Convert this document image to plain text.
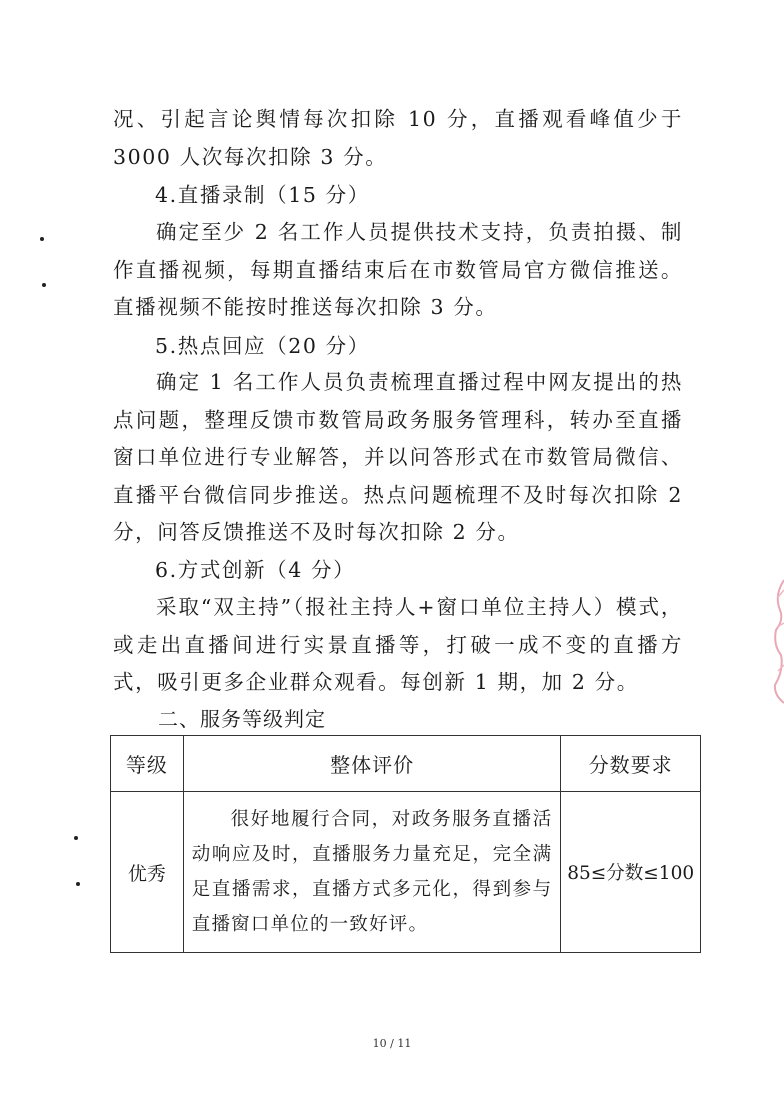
况、引起言论舆情每次扣除 10 分，直播观看峰值少于 3000 人次每次扣除 3 分。

4.直播录制（15 分）

确定至少 2 名工作人员提供技术支持，负责拍摄、制作直播视频，每期直播结束后在市数管局官方微信推送。直播视频不能按时推送每次扣除 3 分。

5.热点回应（20 分）

确定 1 名工作人员负责梳理直播过程中网友提出的热点问题，整理反馈市数管局政务服务管理科，转办至直播窗口单位进行专业解答，并以问答形式在市数管局微信、直播平台微信同步推送。热点问题梳理不及时每次扣除 2 分，问答反馈推送不及时每次扣除 2 分。

6.方式创新（4 分）

采取“双主持”（报社主持人+窗口单位主持人）模式，或走出直播间进行实景直播等，打破一成不变的直播方式，吸引更多企业群众观看。每创新 1 期，加 2 分。

二、服务等级判定

等级	整体评价	分数要求
优秀	很好地履行合同，对政务服务直播活动响应及时，直播服务力量充足，完全满足直播需求，直播方式多元化，得到参与直播窗口单位的一致好评。	85≤分数≤100
10 / 11
